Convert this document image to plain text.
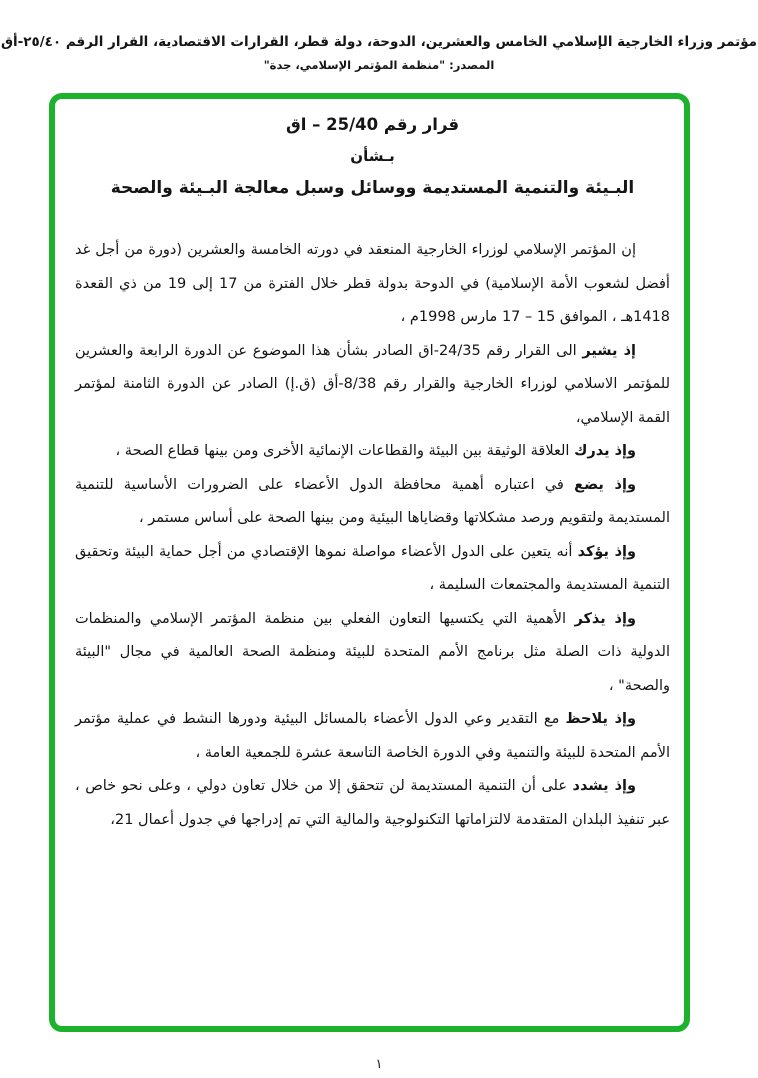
مؤتمر وزراء الخارجية الإسلامي الخامس والعشرين، الدوحة، دولة قطر، القرارات الاقتصادية، القرار الرقم ٢٥/٤٠-أق
المصدر: "منظمة المؤتمر الإسلامي، جدة"
قرار رقم 25/40 – اق
بـشأن
البـيئة والتنمية المستديمة ووسائل وسبل معالجة البـيئة والصحة

إن المؤتمر الإسلامي لوزراء الخارجية المنعقد في دورته الخامسة والعشرين (دورة من أجل غد أفضل لشعوب الأمة الإسلامية) في الدوحة بدولة قطر خلال الفترة من 17 إلى 19 من ذي القعدة 1418هـ ، الموافق 15 – 17 مارس 1998م ،

إذ يشير الى القرار رقم 24/35-اق الصادر بشأن هذا الموضوع عن الدورة الرابعة والعشرين للمؤتمر الاسلامي لوزراء الخارجية والقرار رقم 8/38-أق (ق.إ) الصادر عن الدورة الثامنة لمؤتمر القمة الإسلامي،

وإذ يدرك العلاقة الوثيقة بين البيئة والقطاعات الإنمائية الأخرى ومن بينها قطاع الصحة ،

وإذ يضع في اعتباره أهمية محافظة الدول الأعضاء على الضرورات الأساسية للتنمية المستديمة ولتقويم ورصد مشكلاتها وقضاياها البيئية ومن بينها الصحة على أساس مستمر ،

وإذ يؤكد أنه يتعين على الدول الأعضاء مواصلة نموها الإقتصادي من أجل حماية البيئة وتحقيق التنمية المستديمة والمجتمعات السليمة ،

وإذ يذكر الأهمية التي يكتسيها التعاون الفعلي بين منظمة المؤتمر الإسلامي والمنظمات الدولية ذات الصلة مثل برنامج الأمم المتحدة للبيئة ومنظمة الصحة العالمية في مجال "البيئة والصحة" ،

وإذ يلاحظ مع التقدير وعي الدول الأعضاء بالمسائل البيئية ودورها النشط في عملية مؤتمر الأمم المتحدة للبيئة والتنمية وفي الدورة الخاصة التاسعة عشرة للجمعية العامة ،

وإذ يشدد على أن التنمية المستديمة لن تتحقق إلا من خلال تعاون دولي ، وعلى نحو خاص ، عبر تنفيذ البلدان المتقدمة لالتزاماتها التكنولوجية والمالية التي تم إدراجها في جدول أعمال 21،

١
